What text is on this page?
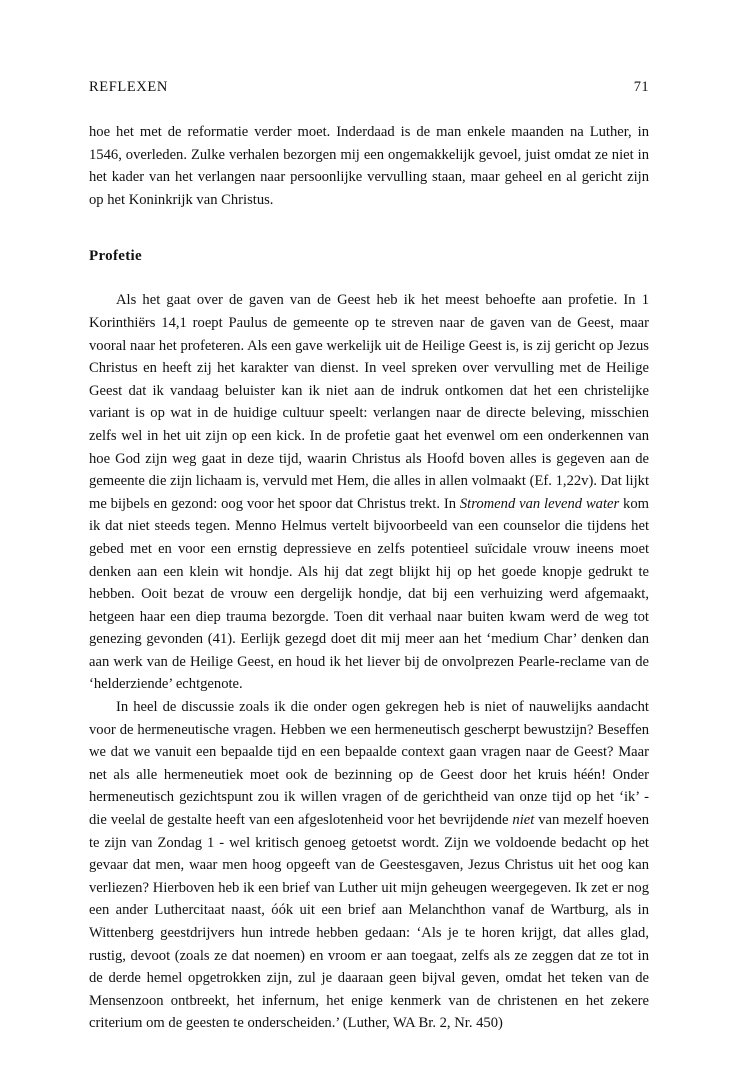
REFLEXEN	71

hoe het met de reformatie verder moet. Inderdaad is de man enkele maanden na Luther, in 1546, overleden. Zulke verhalen bezorgen mij een ongemakkelijk gevoel, juist omdat ze niet in het kader van het verlangen naar persoonlijke vervulling staan, maar geheel en al gericht zijn op het Koninkrijk van Christus.

Profetie

Als het gaat over de gaven van de Geest heb ik het meest behoefte aan profetie. In 1 Korinthiërs 14,1 roept Paulus de gemeente op te streven naar de gaven van de Geest, maar vooral naar het profeteren. Als een gave werkelijk uit de Heilige Geest is, is zij gericht op Jezus Christus en heeft zij het karakter van dienst. In veel spreken over vervulling met de Heilige Geest dat ik vandaag beluister kan ik niet aan de indruk ontkomen dat het een christelijke variant is op wat in de huidige cultuur speelt: verlangen naar de directe beleving, misschien zelfs wel in het uit zijn op een kick. In de profetie gaat het evenwel om een onderkennen van hoe God zijn weg gaat in deze tijd, waarin Christus als Hoofd boven alles is gegeven aan de gemeente die zijn lichaam is, vervuld met Hem, die alles in allen volmaakt (Ef. 1,22v). Dat lijkt me bijbels en gezond: oog voor het spoor dat Christus trekt. In Stromend van levend water kom ik dat niet steeds tegen. Menno Helmus vertelt bijvoorbeeld van een counselor die tijdens het gebed met en voor een ernstig depressieve en zelfs potentieel suïcidale vrouw ineens moet denken aan een klein wit hondje. Als hij dat zegt blijkt hij op het goede knopje gedrukt te hebben. Ooit bezat de vrouw een dergelijk hondje, dat bij een verhuizing werd afgemaakt, hetgeen haar een diep trauma bezorgde. Toen dit verhaal naar buiten kwam werd de weg tot genezing gevonden (41). Eerlijk gezegd doet dit mij meer aan het ‘medium Char’ denken dan aan werk van de Heilige Geest, en houd ik het liever bij de onvolprezen Pearle-reclame van de ‘helderziende’ echtgenote.

In heel de discussie zoals ik die onder ogen gekregen heb is niet of nauwelijks aandacht voor de hermeneutische vragen. Hebben we een hermeneutisch gescherpt bewustzijn? Beseffen we dat we vanuit een bepaalde tijd en een bepaalde context gaan vragen naar de Geest? Maar net als alle hermeneutiek moet ook de bezinning op de Geest door het kruis héén! Onder hermeneutisch gezichtspunt zou ik willen vragen of de gerichtheid van onze tijd op het ‘ik’ - die veelal de gestalte heeft van een afgeslotenheid voor het bevrijdende niet van mezelf hoeven te zijn van Zondag 1 - wel kritisch genoeg getoetst wordt. Zijn we voldoende bedacht op het gevaar dat men, waar men hoog opgeeft van de Geestesgaven, Jezus Christus uit het oog kan verliezen? Hierboven heb ik een brief van Luther uit mijn geheugen weergegeven. Ik zet er nog een ander Luthercitaat naast, óók uit een brief aan Melanchthon vanaf de Wartburg, als in Wittenberg geestdrijvers hun intrede hebben gedaan: ‘Als je te horen krijgt, dat alles glad, rustig, devoot (zoals ze dat noemen) en vroom er aan toegaat, zelfs als ze zeggen dat ze tot in de derde hemel opgetrokken zijn, zul je daaraan geen bijval geven, omdat het teken van de Mensenzoon ontbreekt, het infernum, het enige kenmerk van de christenen en het zekere criterium om de geesten te onderscheiden.’ (Luther, WA Br. 2, Nr. 450)
